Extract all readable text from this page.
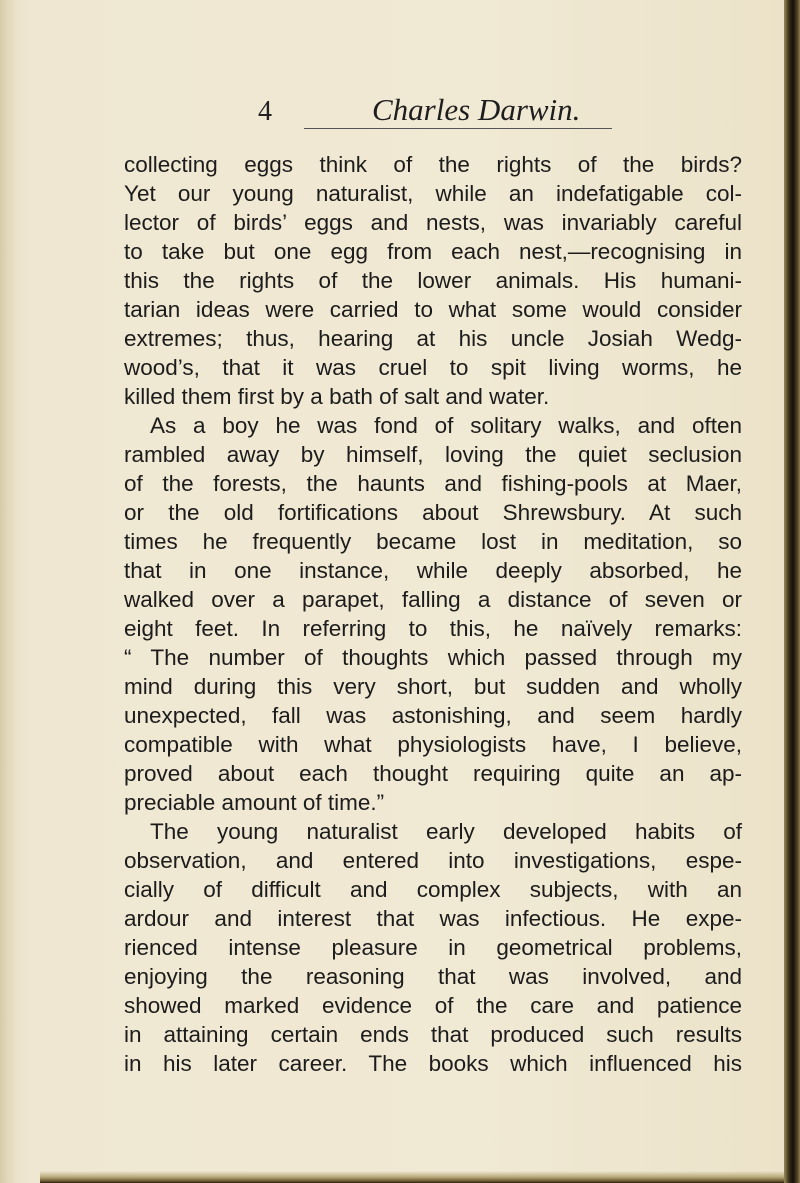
4	Charles Darwin.
collecting eggs think of the rights of the birds?
Yet our young naturalist, while an indefatigable col-
lector of birds’ eggs and nests, was invariably careful
to take but one egg from each nest,—recognising in
this the rights of the lower animals. His humani-
tarian ideas were carried to what some would consider
extremes; thus, hearing at his uncle Josiah Wedg-
wood’s, that it was cruel to spit living worms, he
killed them first by a bath of salt and water.
As a boy he was fond of solitary walks, and often
rambled away by himself, loving the quiet seclusion
of the forests, the haunts and fishing-pools at Maer,
or the old fortifications about Shrewsbury. At such
times he frequently became lost in meditation, so
that in one instance, while deeply absorbed, he
walked over a parapet, falling a distance of seven or
eight feet. In referring to this, he naïvely remarks:
“ The number of thoughts which passed through my
mind during this very short, but sudden and wholly
unexpected, fall was astonishing, and seem hardly
compatible with what physiologists have, I believe,
proved about each thought requiring quite an ap-
preciable amount of time.”
The young naturalist early developed habits of
observation, and entered into investigations, espe-
cially of difficult and complex subjects, with an
ardour and interest that was infectious. He expe-
rienced intense pleasure in geometrical problems,
enjoying the reasoning that was involved, and
showed marked evidence of the care and patience
in attaining certain ends that produced such results
in his later career. The books which influenced his
